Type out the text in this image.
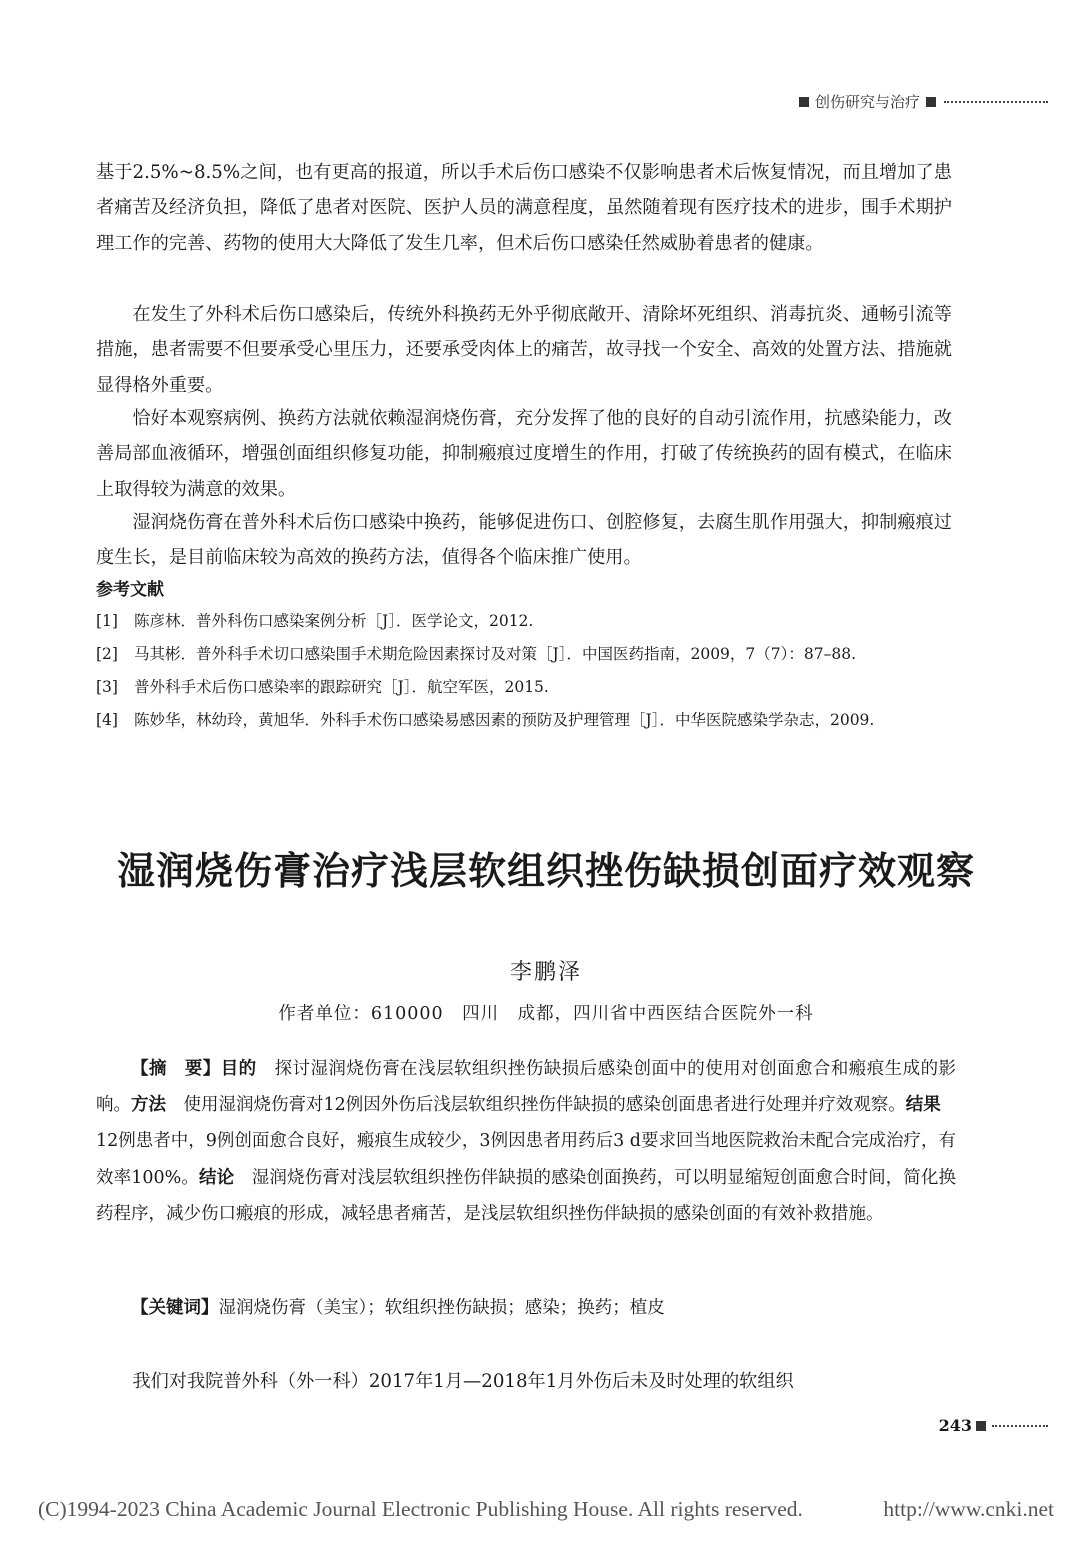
创伤研究与治疗

基于2.5%~8.5%之间，也有更高的报道，所以手术后伤口感染不仅影响患者术后恢复情况，而且增加了患者痛苦及经济负担，降低了患者对医院、医护人员的满意程度，虽然随着现有医疗技术的进步，围手术期护理工作的完善、药物的使用大大降低了发生几率，但术后伤口感染任然威胁着患者的健康。

在发生了外科术后伤口感染后，传统外科换药无外乎彻底敞开、清除坏死组织、消毒抗炎、通畅引流等措施，患者需要不但要承受心里压力，还要承受肉体上的痛苦，故寻找一个安全、高效的处置方法、措施就显得格外重要。

恰好本观察病例、换药方法就依赖湿润烧伤膏，充分发挥了他的良好的自动引流作用，抗感染能力，改善局部血液循环，增强创面组织修复功能，抑制瘢痕过度增生的作用，打破了传统换药的固有模式，在临床上取得较为满意的效果。

湿润烧伤膏在普外科术后伤口感染中换药，能够促进伤口、创腔修复，去腐生肌作用强大，抑制瘢痕过度生长，是目前临床较为高效的换药方法，值得各个临床推广使用。

参考文献
[1]	陈彦林．普外科伤口感染案例分析［J］．医学论文，2012.
[2]	马其彬．普外科手术切口感染围手术期危险因素探讨及对策［J］．中国医药指南，2009，7（7）：87–88.
[3]	普外科手术后伤口感染率的跟踪研究［J］．航空军医，2015.
[4]	陈妙华，林幼玲，黄旭华．外科手术伤口感染易感因素的预防及护理管理［J］．中华医院感染学杂志，2009.
湿润烧伤膏治疗浅层软组织挫伤缺损创面疗效观察
李鹏泽
作者单位：610000　四川　成都，四川省中西医结合医院外一科

【摘　要】目的　探讨湿润烧伤膏在浅层软组织挫伤缺损后感染创面中的使用对创面愈合和瘢痕生成的影响。方法　使用湿润烧伤膏对12例因外伤后浅层软组织挫伤伴缺损的感染创面患者进行处理并疗效观察。结果　12例患者中，9例创面愈合良好，瘢痕生成较少，3例因患者用药后3 d要求回当地医院救治未配合完成治疗，有效率100%。结论　湿润烧伤膏对浅层软组织挫伤伴缺损的感染创面换药，可以明显缩短创面愈合时间，简化换药程序，减少伤口瘢痕的形成，减轻患者痛苦，是浅层软组织挫伤伴缺损的感染创面的有效补救措施。

【关键词】湿润烧伤膏（美宝）；软组织挫伤缺损；感染；换药；植皮
我们对我院普外科（外一科）2017年1月—2018年1月外伤后未及时处理的软组织
243
(C)1994-2023 China Academic Journal Electronic Publishing House. All rights reserved.	http://www.cnki.net
